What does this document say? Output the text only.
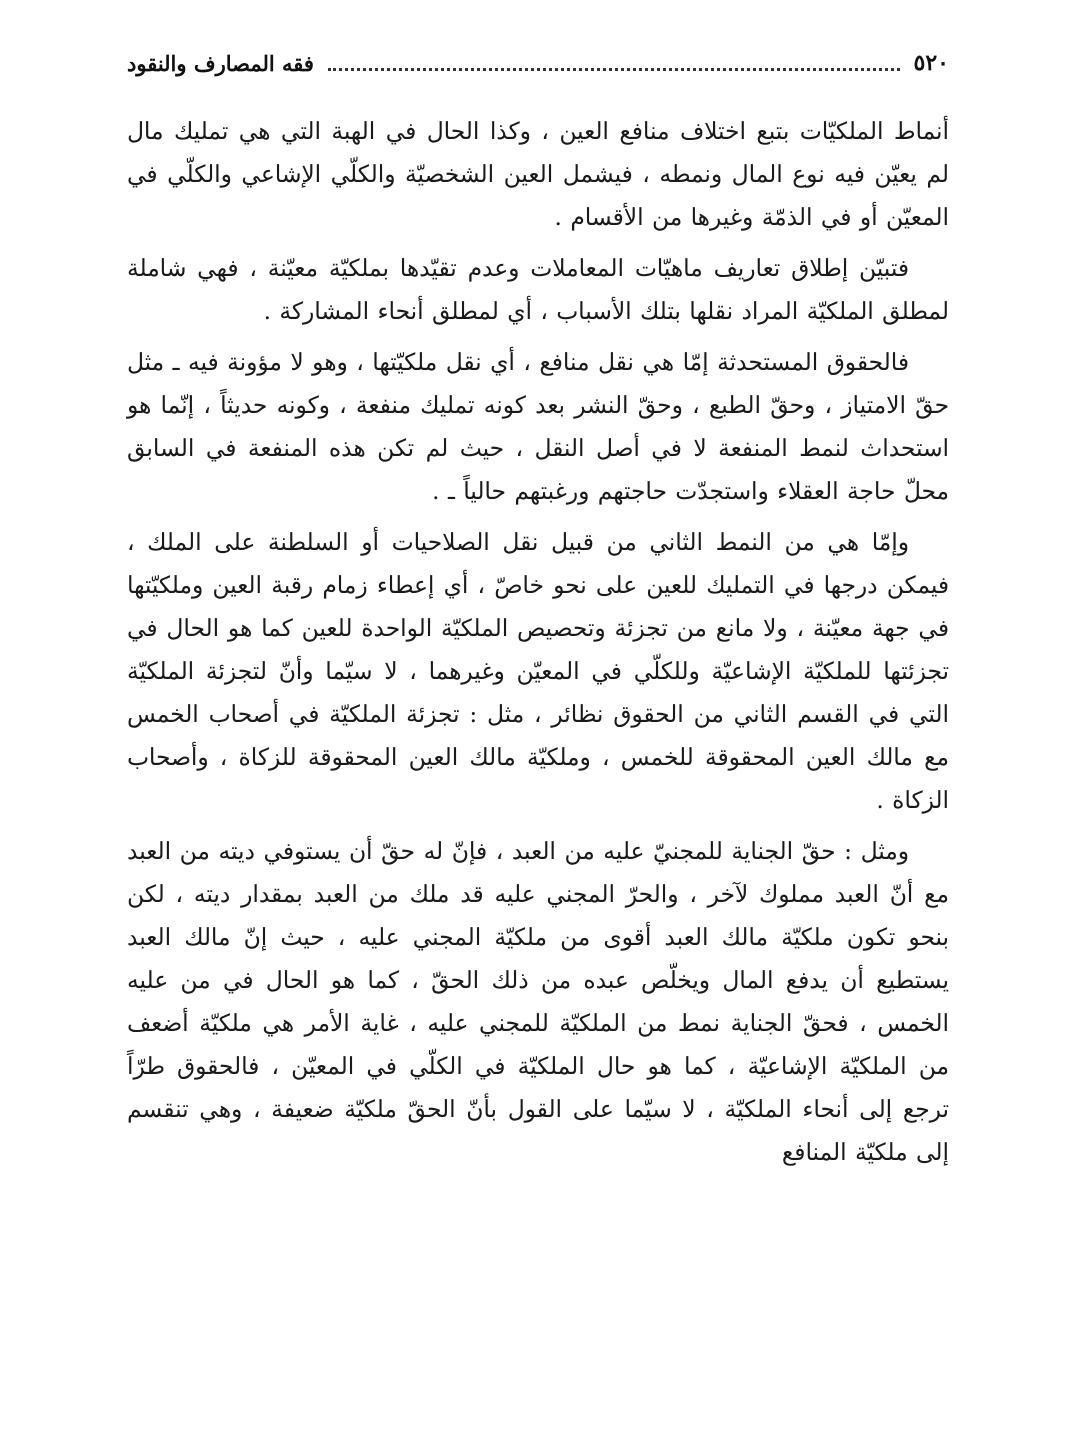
٥٢٠
فقه المصارف والنقود

أنماط الملكيّات بتبع اختلاف منافع العين ، وكذا الحال في الهبة التي هي تمليك مال لم يعيّن فيه نوع المال ونمطه ، فيشمل العين الشخصيّة والكلّي الإشاعي والكلّي في المعيّن أو في الذمّة وغيرها من الأقسام .

فتبيّن إطلاق تعاريف ماهيّات المعاملات وعدم تقيّدها بملكيّة معيّنة ، فهي شاملة لمطلق الملكيّة المراد نقلها بتلك الأسباب ، أي لمطلق أنحاء المشاركة .

فالحقوق المستحدثة إمّا هي نقل منافع ، أي نقل ملكيّتها ، وهو لا مؤونة فيه ـ مثل حقّ الامتياز ، وحقّ الطبع ، وحقّ النشر بعد كونه تمليك منفعة ، وكونه حديثاً ، إنّما هو استحداث لنمط المنفعة لا في أصل النقل ، حيث لم تكن هذه المنفعة في السابق محلّ حاجة العقلاء واستجدّت حاجتهم ورغبتهم حالياً ـ .

وإمّا هي من النمط الثاني من قبيل نقل الصلاحيات أو السلطنة على الملك ، فيمكن درجها في التمليك للعين على نحو خاصّ ، أي إعطاء زمام رقبة العين وملكيّتها في جهة معيّنة ، ولا مانع من تجزئة وتحصيص الملكيّة الواحدة للعين كما هو الحال في تجزئتها للملكيّة الإشاعيّة وللكلّي في المعيّن وغيرهما ، لا سيّما وأنّ لتجزئة الملكيّة التي في القسم الثاني من الحقوق نظائر ، مثل : تجزئة الملكيّة في أصحاب الخمس مع مالك العين المحقوقة للخمس ، وملكيّة مالك العين المحقوقة للزكاة ، وأصحاب الزكاة .

ومثل : حقّ الجناية للمجنيّ عليه من العبد ، فإنّ له حقّ أن يستوفي ديته من العبد مع أنّ العبد مملوك لآخر ، والحرّ المجني عليه قد ملك من العبد بمقدار ديته ، لكن بنحو تكون ملكيّة مالك العبد أقوى من ملكيّة المجني عليه ، حيث إنّ مالك العبد يستطيع أن يدفع المال ويخلّص عبده من ذلك الحقّ ، كما هو الحال في من عليه الخمس ، فحقّ الجناية نمط من الملكيّة للمجني عليه ، غاية الأمر هي ملكيّة أضعف من الملكيّة الإشاعيّة ، كما هو حال الملكيّة في الكلّي في المعيّن ، فالحقوق طرّاً ترجع إلى أنحاء الملكيّة ، لا سيّما على القول بأنّ الحقّ ملكيّة ضعيفة ، وهي تنقسم إلى ملكيّة المنافع
